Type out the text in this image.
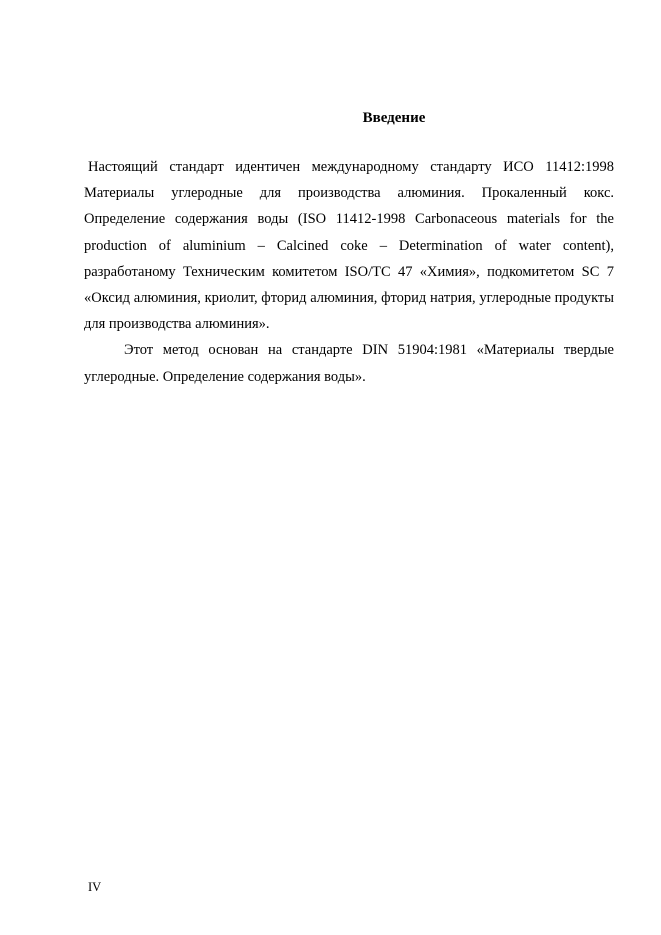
Введение

Настоящий стандарт идентичен международному стандарту ИСО 11412:1998 Материалы углеродные для производства алюминия. Прокаленный кокс. Определение содержания воды (ISO 11412-1998 Carbonaceous materials for the production of aluminium – Calcined coke – Determination of water content), разработаному Техническим комитетом ISO/TC 47 «Химия», подкомитетом SC 7 «Оксид алюминия, криолит, фторид алюминия, фторид натрия, углеродные продукты для производства алюминия».

Этот метод основан на стандарте DIN 51904:1981 «Материалы твердые углеродные. Определение содержания воды».

IV
